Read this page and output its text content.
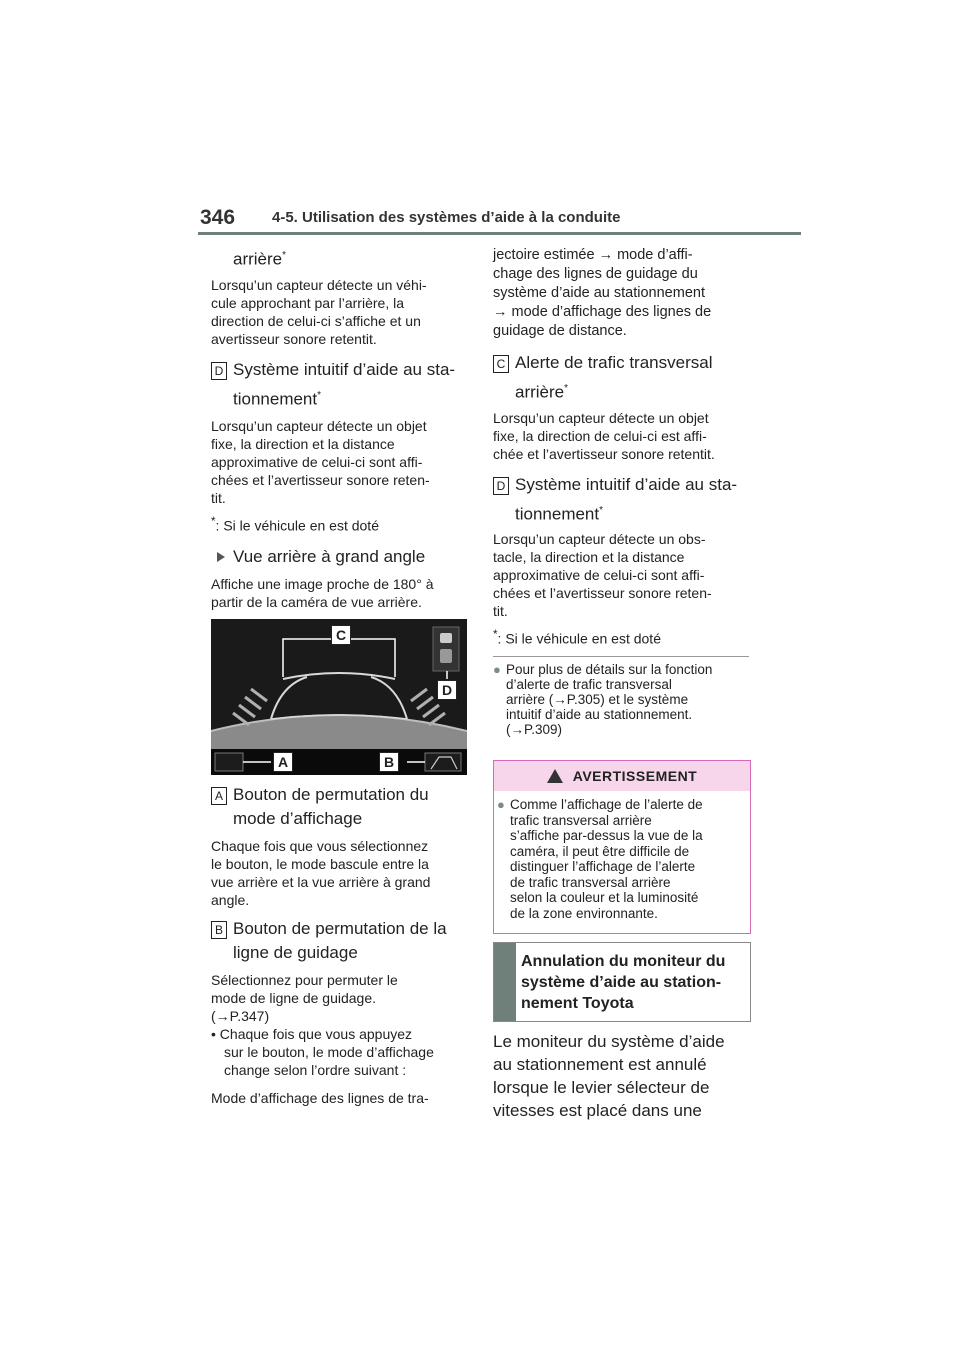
346 4-5. Utilisation des systèmes d’aide à la conduite
arrière*
Lorsqu’un capteur détecte un véhi-
cule approchant par l’arrière, la
direction de celui-ci s’affiche et un
avertisseur sonore retentit.
D Système intuitif d’aide au sta-
tionnement*
Lorsqu’un capteur détecte un objet
fixe, la direction et la distance
approximative de celui-ci sont affi-
chées et l’avertisseur sonore reten-
tit.
*: Si le véhicule en est doté
Vue arrière à grand angle
Affiche une image proche de 180° à
partir de la caméra de vue arrière.
C
D
A	B
A Bouton de permutation du
mode d’affichage
Chaque fois que vous sélectionnez
le bouton, le mode bascule entre la
vue arrière et la vue arrière à grand
angle.
B Bouton de permutation de la
ligne de guidage
Sélectionnez pour permuter le
mode de ligne de guidage.
(→P.347)
• Chaque fois que vous appuyez
sur le bouton, le mode d’affichage
change selon l’ordre suivant :
Mode d’affichage des lignes de tra-
jectoire estimée → mode d’affi-
chage des lignes de guidage du
système d’aide au stationnement
→ mode d’affichage des lignes de
guidage de distance.
C Alerte de trafic transversal
arrière*
Lorsqu’un capteur détecte un objet
fixe, la direction de celui-ci est affi-
chée et l’avertisseur sonore retentit.
D Système intuitif d’aide au sta-
tionnement*
Lorsqu’un capteur détecte un obs-
tacle, la direction et la distance
approximative de celui-ci sont affi-
chées et l’avertisseur sonore reten-
tit.
*: Si le véhicule en est doté
● Pour plus de détails sur la fonction
d’alerte de trafic transversal
arrière (→P.305) et le système
intuitif d’aide au stationnement.
(→P.309)
AVERTISSEMENT
● Comme l’affichage de l’alerte de
trafic transversal arrière
s’affiche par-dessus la vue de la
caméra, il peut être difficile de
distinguer l’affichage de l’alerte
de trafic transversal arrière
selon la couleur et la luminosité
de la zone environnante.
Annulation du moniteur du
système d’aide au station-
nement Toyota
Le moniteur du système d’aide
au stationnement est annulé
lorsque le levier sélecteur de
vitesses est placé dans une
